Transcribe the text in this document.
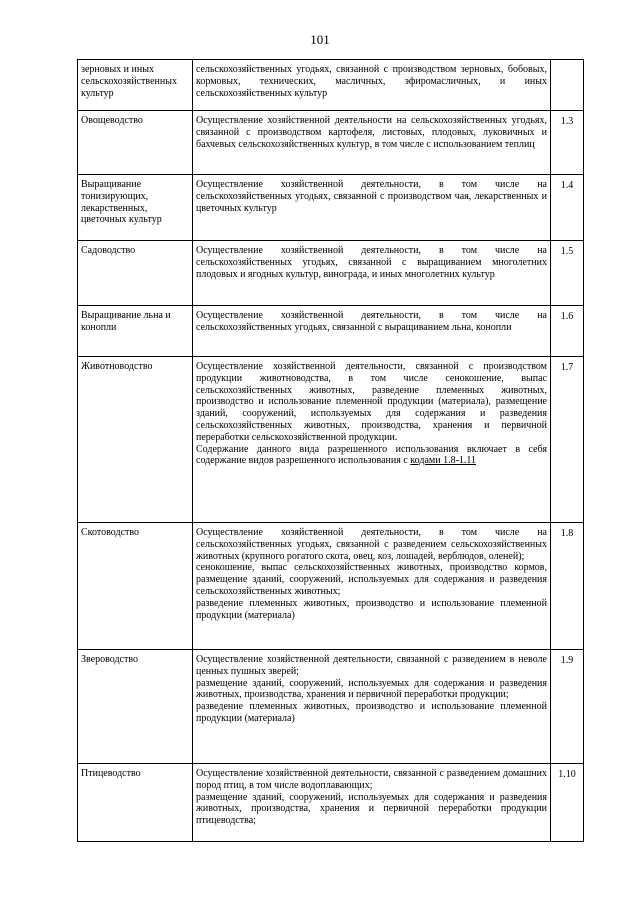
101
зерновых и иных сельскохозяйственных культур	сельскохозяйственных угодьях, связанной с производством зерновых, бобовых, кормовых, технических, масличных, эфиромасличных, и иных сельскохозяйственных культур	

Овощеводство	Осуществление хозяйственной деятельности на сельскохозяйственных угодьях, связанной с производством картофеля, листовых, плодовых, луковичных и бахчевых сельскохозяйственных культур, в том числе с использованием теплиц	1.3
Выращивание тонизирующих, лекарственных, цветочных культур	Осуществление хозяйственной деятельности, в том числе на сельскохозяйственных угодьях, связанной с производством чая, лекарственных и цветочных культур	1.4
Садоводство	Осуществление хозяйственной деятельности, в том числе на сельскохозяйственных угодьях, связанной с выращиванием многолетних плодовых и ягодных культур, винограда, и иных многолетних культур	1.5
Выращивание льна и конопли	Осуществление хозяйственной деятельности, в том числе на сельскохозяйственных угодьях, связанной с выращиванием льна, конопли	1.6
Животноводство	Осуществление хозяйственной деятельности, связанной с производством продукции животноводства, в том числе сенокошение, выпас сельскохозяйственных животных, разведение племенных животных, производство и использование племенной продукции (материала), размещение зданий, сооружений, используемых для содержания и разведения сельскохозяйственных животных, производства, хранения и первичной переработки сельскохозяйственной продукции.
Содержание данного вида разрешенного использования включает в себя содержание видов разрешенного использования с кодами 1.8-1.11	1.7
Скотоводство	Осуществление хозяйственной деятельности, в том числе на сельскохозяйственных угодьях, связанной с разведением сельскохозяйственных животных (крупного рогатого скота, овец, коз, лошадей, верблюдов, оленей);
сенокошение, выпас сельскохозяйственных животных, производство кормов, размещение зданий, сооружений, используемых для содержания и разведения сельскохозяйственных животных;
разведение племенных животных, производство и использование племенной продукции (материала)	1.8
Звероводство	Осуществление хозяйственной деятельности, связанной с разведением в неволе ценных пушных зверей;
размещение зданий, сооружений, используемых для содержания и разведения животных, производства, хранения и первичной переработки продукции;
разведение племенных животных, производство и использование племенной продукции (материала)	1.9
Птицеводство	Осуществление хозяйственной деятельности, связанной с разведением домашних пород птиц, в том числе водоплавающих;
размещение зданий, сооружений, используемых для содержания и разведения животных, производства, хранения и первичной переработки продукции птицеводства;	1.10
